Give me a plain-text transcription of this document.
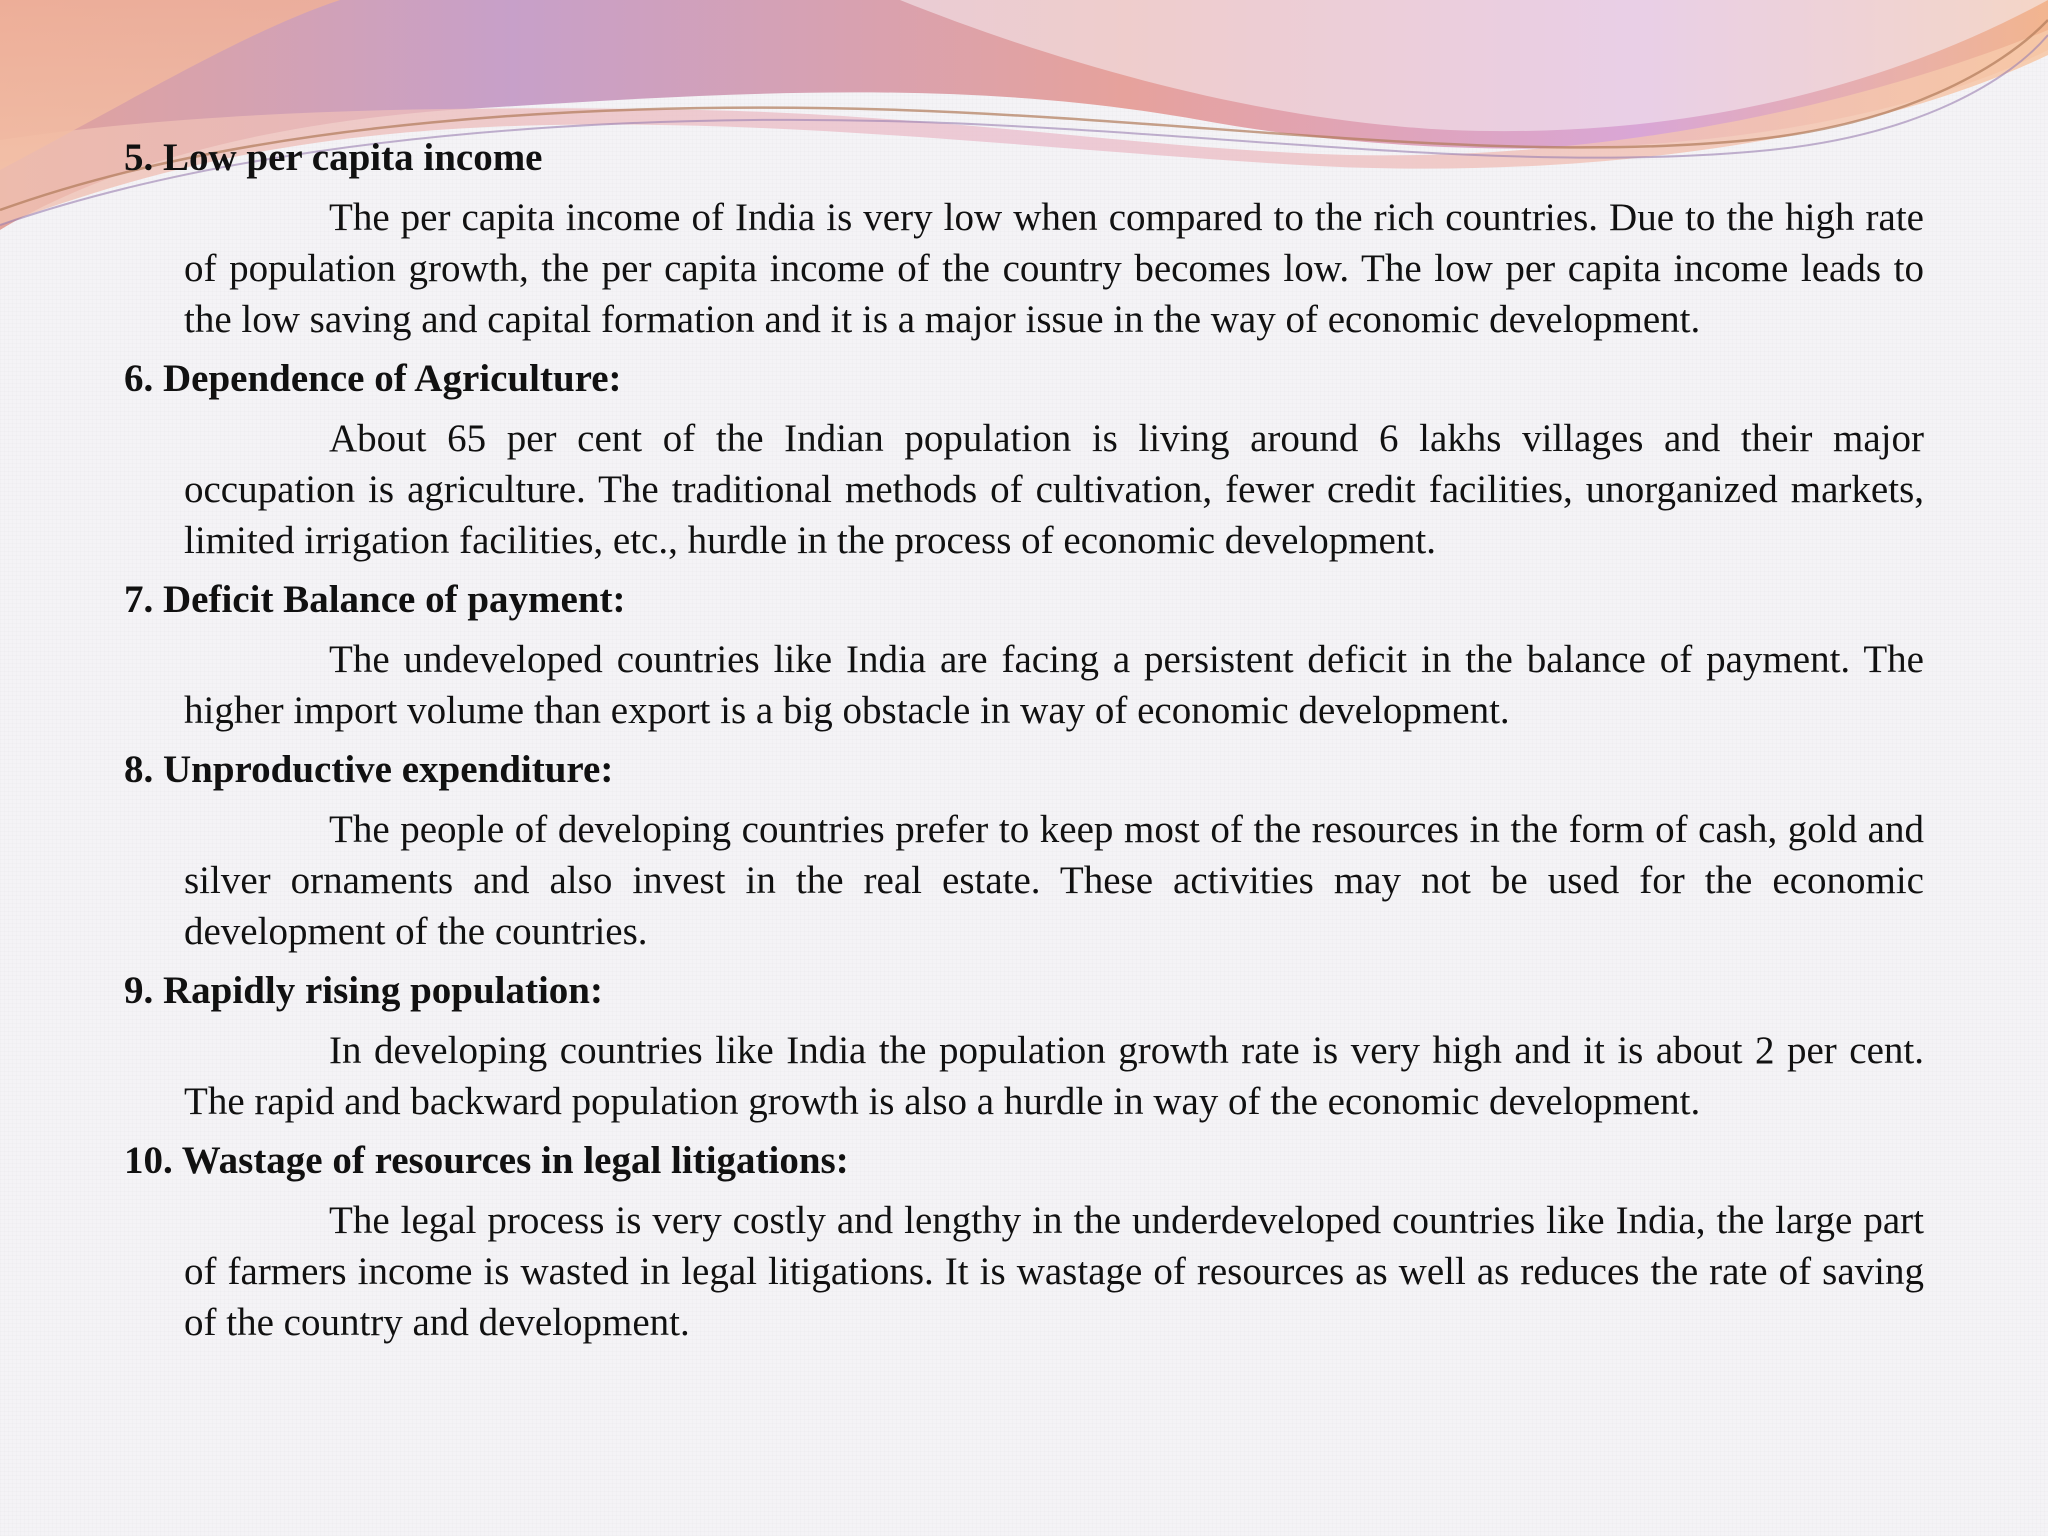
5. Low per capita income

The per capita income of India is very low when compared to the rich countries. Due to the high rate of population growth, the per capita income of the country becomes low. The low per capita income leads to the low saving and capital formation and it is a major issue in the way of economic development.

6. Dependence of Agriculture:

About 65 per cent of the Indian population is living around 6 lakhs villages and their major occupation is agriculture. The traditional methods of cultivation, fewer credit facilities, unorganized markets, limited irrigation facilities, etc., hurdle in the process of economic development.

7. Deficit Balance of payment:

The undeveloped countries like India are facing a persistent deficit in the balance of payment. The higher import volume than export is a big obstacle in way of economic development.

8. Unproductive expenditure:

The people of developing countries prefer to keep most of the resources in the form of cash, gold and silver ornaments and also invest in the real estate. These activities may not be used for the economic development of the countries.

9. Rapidly rising population:

In developing countries like India the population growth rate is very high and it is about 2 per cent. The rapid and backward population growth is also a hurdle in way of the economic development.

10. Wastage of resources in legal litigations:

The legal process is very costly and lengthy in the underdeveloped countries like India, the large part of farmers income is wasted in legal litigations. It is wastage of resources as well as reduces the rate of saving of the country and development.
